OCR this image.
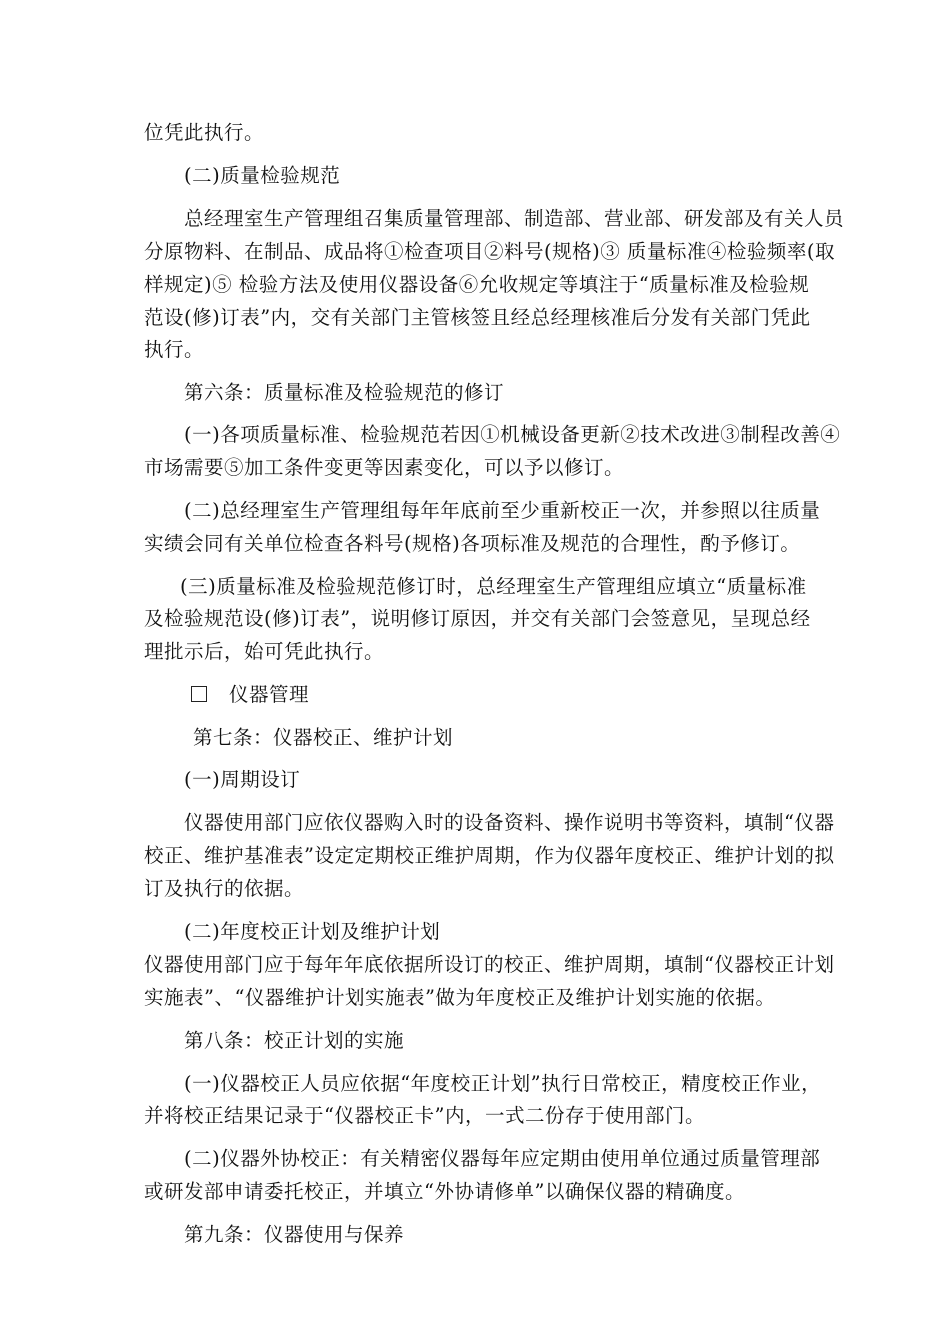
位凭此执行。
(二)质量检验规范
总经理室生产管理组召集质量管理部、制造部、营业部、研发部及有关人员
分原物料、在制品、成品将①检查项目②料号(规格)③ 质量标准④检验频率(取
样规定)⑤ 检验方法及使用仪器设备⑥允收规定等填注于“质量标准及检验规
范设(修)订表”内，交有关部门主管核签且经总经理核准后分发有关部门凭此
执行。
第六条：质量标准及检验规范的修订
(一)各项质量标准、检验规范若因①机械设备更新②技术改进③制程改善④
市场需要⑤加工条件变更等因素变化，可以予以修订。
(二)总经理室生产管理组每年年底前至少重新校正一次，并参照以往质量
实绩会同有关单位检查各料号(规格)各项标准及规范的合理性，酌予修订。
(三)质量标准及检验规范修订时，总经理室生产管理组应填立“质量标准
及检验规范设(修)订表”，说明修订原因，并交有关部门会签意见，呈现总经
理批示后，始可凭此执行。
仪器管理
第七条：仪器校正、维护计划
(一)周期设订
仪器使用部门应依仪器购入时的设备资料、操作说明书等资料，填制“仪器
校正、维护基准表”设定定期校正维护周期，作为仪器年度校正、维护计划的拟
订及执行的依据。
(二)年度校正计划及维护计划
仪器使用部门应于每年年底依据所设订的校正、维护周期，填制“仪器校正计划
实施表”、“仪器维护计划实施表”做为年度校正及维护计划实施的依据。
第八条：校正计划的实施
(一)仪器校正人员应依据“年度校正计划”执行日常校正，精度校正作业，
并将校正结果记录于“仪器校正卡”内，一式二份存于使用部门。
(二)仪器外协校正：有关精密仪器每年应定期由使用单位通过质量管理部
或研发部申请委托校正，并填立“外协请修单”以确保仪器的精确度。
第九条：仪器使用与保养
